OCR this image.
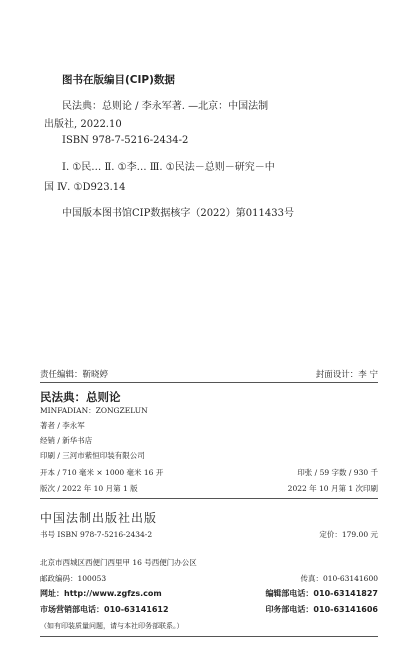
图书在版编目(CIP)数据
民法典：总则论 / 李永军著. —北京：中国法制
出版社, 2022.10
ISBN 978-7-5216-2434-2
Ⅰ. ①民… Ⅱ. ①李… Ⅲ. ①民法－总则－研究－中
国 Ⅳ. ①D923.14
中国版本图书馆CIP数据核字（2022）第011433号
责任编辑：靳晓婷	封面设计：李 宁
民法典：总则论
MINFADIAN：ZONGZELUN
著者 / 李永军
经销 / 新华书店
印刷 / 三河市紫恒印装有限公司
开本 / 710 毫米 × 1000 毫米 16 开	印张 / 59 字数 / 930 千
版次 / 2022 年 10 月第 1 版	2022 年 10 月第 1 次印刷
中国法制出版社出版
书号 ISBN 978-7-5216-2434-2	定价：179.00 元
北京市西城区西便门西里甲 16 号西便门办公区
邮政编码：100053	传真：010-63141600
网址：http://www.zgfzs.com	编辑部电话：010-63141827
市场营销部电话：010-63141612	印务部电话：010-63141606
（如有印装质量问题，请与本社印务部联系。）
